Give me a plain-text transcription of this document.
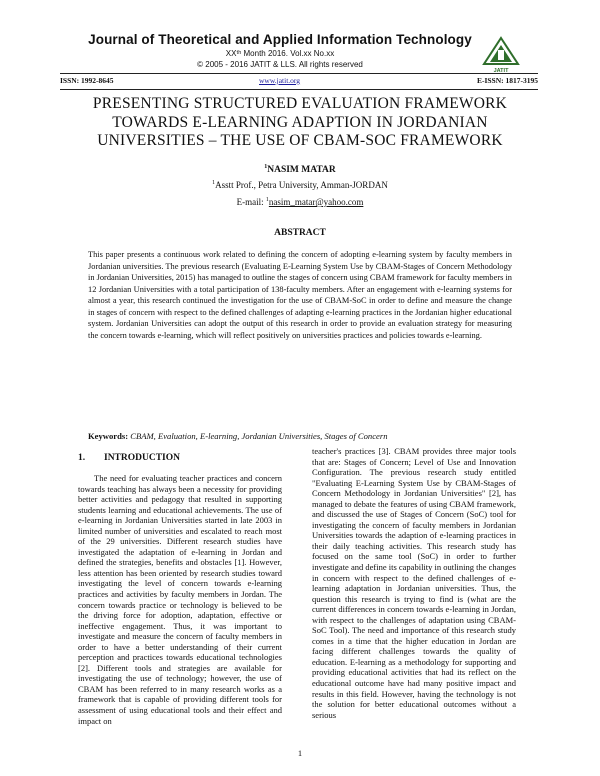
Journal of Theoretical and Applied Information Technology
XXᵗʰ Month 2016. Vol.xx No.xx
© 2005 - 2016 JATIT & LLS. All rights reserved
JATIT
ISSN: 1992-8645	www.jatit.org	E-ISSN: 1817-3195
PRESENTING STRUCTURED EVALUATION FRAMEWORK TOWARDS E-LEARNING ADAPTION IN JORDANIAN UNIVERSITIES – THE USE OF CBAM-SOC FRAMEWORK
$^1$NASIM MATAR
$^1$Asstt Prof., Petra University, Amman-JORDAN
E-mail: $^1$nasim_matar@yahoo.com
ABSTRACT
This paper presents a continuous work related to defining the concern of adopting e-learning system by faculty members in Jordanian universities. The previous research (Evaluating E-Learning System Use by CBAM-Stages of Concern Methodology in Jordanian Universities, 2015) has managed to outline the stages of concern using CBAM framework for faculty members in 12 Jordanian Universities with a total participation of 138-faculty members. After an engagement with e-learning systems for almost a year, this research continued the investigation for the use of CBAM-SoC in order to define and measure the change in stages of concern with respect to the defined challenges of adapting e-learning practices in the Jordanian higher educational system. Jordanian Universities can adopt the output of this research in order to provide an evaluation strategy for measuring the concern towards e-learning, which will reflect positively on universities practices and policies towards e-learning.
Keywords: CBAM, Evaluation, E-learning, Jordanian Universities, Stages of Concern
1. INTRODUCTION
The need for evaluating teacher practices and concern towards teaching has always been a necessity for providing better activities and pedagogy that resulted in supporting students learning and educational achievements. The use of e-learning in Jordanian Universities started in late 2003 in limited number of universities and escalated to reach most of the 29 universities. Different research studies have investigated the adaptation of e-learning in Jordan and defined the strategies, benefits and obstacles [1]. However, less attention has been oriented by research studies toward investigating the level of concern towards e-learning practices and activities by faculty members in Jordan. The concern towards practice or technology is believed to be the driving force for adoption, adaptation, effective or ineffective engagement. Thus, it was important to investigate and measure the concern of faculty members in order to have a better understanding of their current perception and practices towards educational technologies [2]. Different tools and strategies are available for investigating the use of technology; however, the use of CBAM has been referred to in many research works as a framework that is capable of providing different tools for assessment of using educational tools and their effect and impact on
teacher's practices [3]. CBAM provides three major tools that are: Stages of Concern; Level of Use and Innovation Configuration. The previous research study entitled "Evaluating E-Learning System Use by CBAM-Stages of Concern Methodology in Jordanian Universities" [2], has managed to debate the features of using CBAM framework, and discussed the use of Stages of Concern (SoC) tool for investigating the concern of faculty members in Jordanian Universities towards the adaption of e-learning practices in their daily teaching activities. This research study has focused on the same tool (SoC) in order to further investigate and define its capability in outlining the changes in concern with respect to the defined challenges of e-learning adaptation in Jordanian universities. Thus, the question this research is trying to find is (what are the current differences in concern towards e-learning in Jordan, with respect to the challenges of adaptation using CBAM-SoC Tool). The need and importance of this research study comes in a time that the higher education in Jordan are facing different challenges towards the quality of education. E-learning as a methodology for supporting and providing educational activities that had its reflect on the educational outcome have had many positive impact and results in this field. However, having the technology is not the solution for better educational outcomes without a serious
1
